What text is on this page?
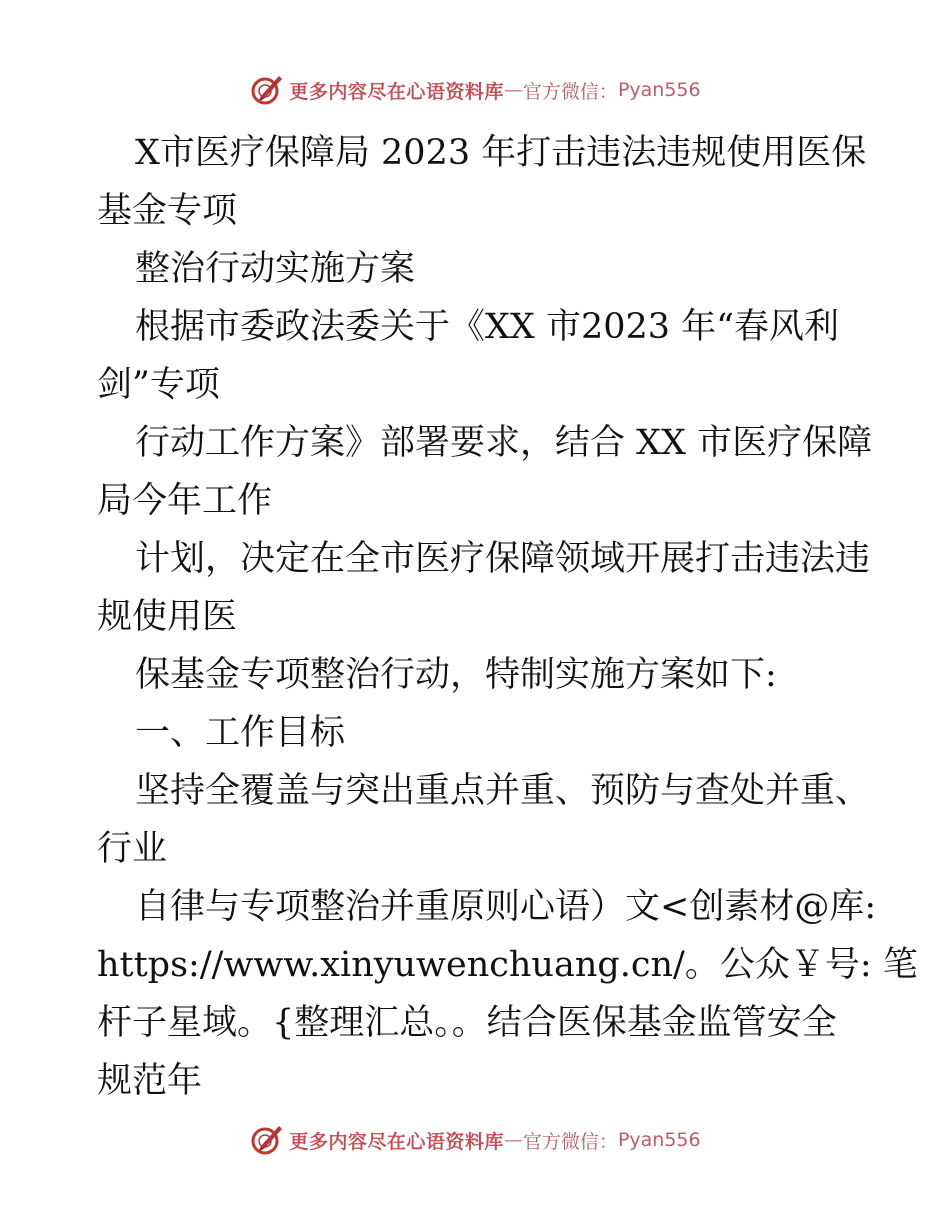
更多内容尽在心语资料库 — 官方微信： Pyan556
X市医疗保障局 2023 年打击违法违规使用医保
基金专项
整治行动实施方案
根据市委政法委关于《XX 市2023 年“春风利
剑”专项
行动工作方案》部署要求，结合 XX 市医疗保障
局今年工作
计划，决定在全市医疗保障领域开展打击违法违
规使用医
保基金专项整治行动，特制实施方案如下:
一、工作目标
坚持全覆盖与突出重点并重、预防与查处并重、
行业
自律与专项整治并重原则心语）文<创素材@库:
https://www.xinyuwenchuang.cn/。公众￥号: 笔
杆子星域。{整理汇总。。结合医保基金监管安全
规范年
更多内容尽在心语资料库 — 官方微信： Pyan556
